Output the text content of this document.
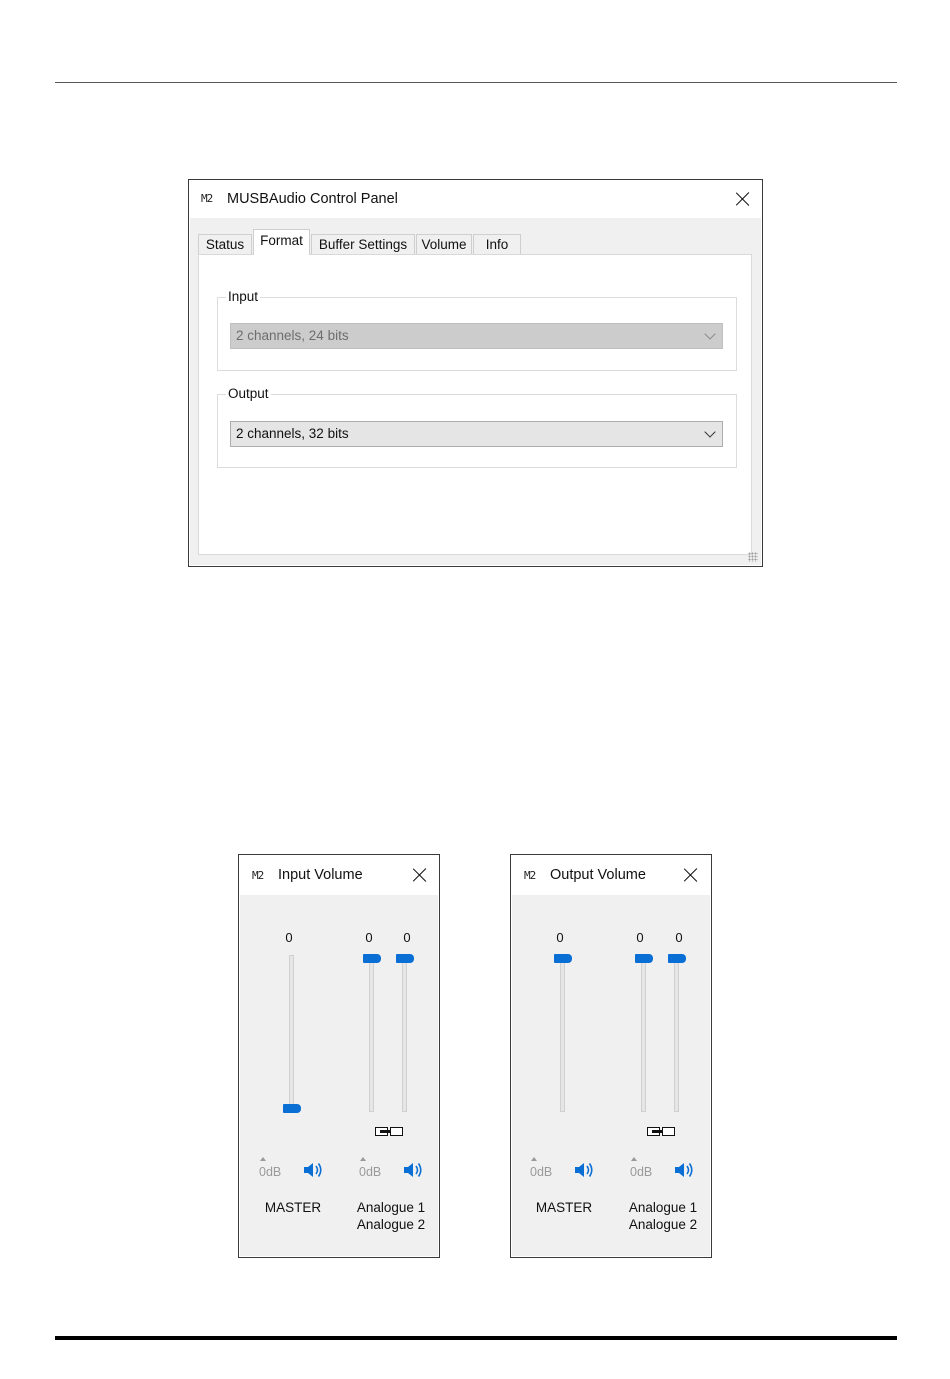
M2 MUSBAudio Control Panel
Status	Format	Buffer Settings	Volume	Info
Input
2 channels, 24 bits
Output
2 channels, 32 bits
M2 Input Volume
0	0	0
0dB	0dB
MASTER	Analogue 1
Analogue 2
M2 Output Volume
0	0	0
0dB	0dB
MASTER	Analogue 1
Analogue 2
